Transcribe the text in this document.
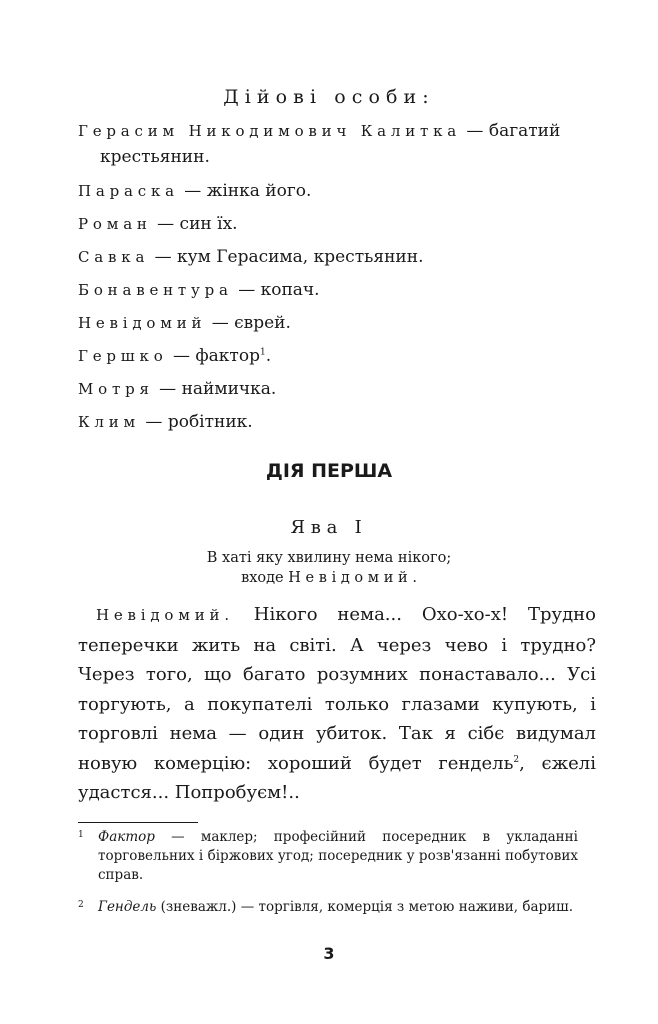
Дійові особи:

Герасим Никодимович Калитка — багатий

крестьянин.

Параска — жінка його.

Роман — син їх.

Савка — кум Герасима, крестьянин.

Бонавентура — копач.

Невідомий — єврей.

Гершко — фактор$^1$.

Мотря — наймичка.

Клим — робітник.

ДІЯ ПЕРША

Ява І

В хаті яку хвилину нема нікого;

входе Невідомий.

 Невідомий. Нікого нема... Охо-хо-х! Трудно теперечки жить на світі. А через чево і трудно? Через того, що багато розумних понаставало... Усі торгують, а покупателі только глазами купують, і торговлі нема — один убиток. Так я сібє видумал новую комерцію: хороший будет гендель$^2$, єжелі удастся... Попробуєм!..

1	Фактор — маклер; професійний посередник в укладанні торговельних і біржових угод; посередник у розв'язанні побутових справ.
2	Гендель (зневажл.) — торгівля, комерція з метою наживи, бариш.

3
